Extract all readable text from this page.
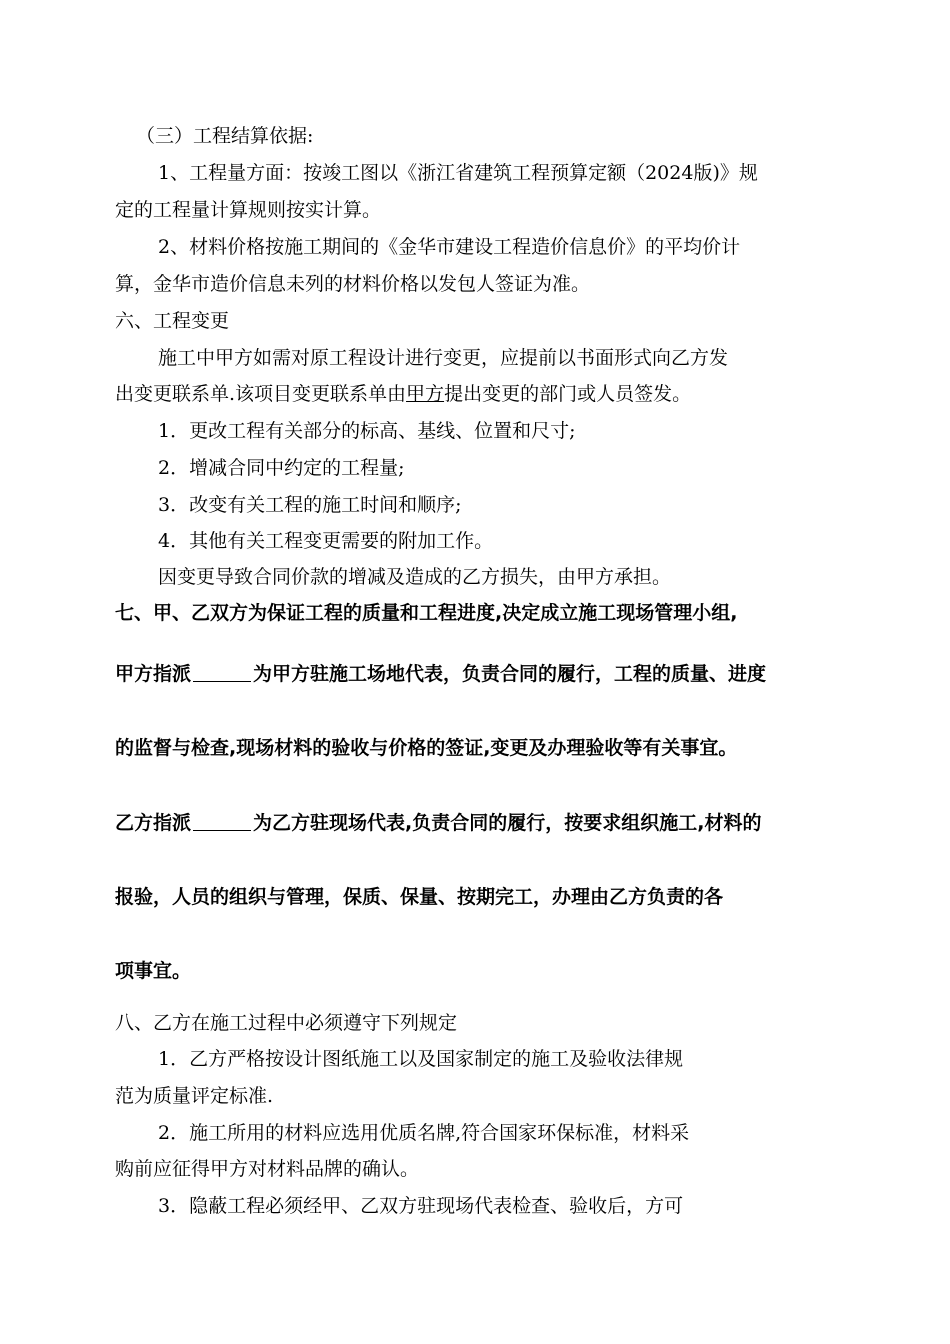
（三）工程结算依据:
1、工程量方面：按竣工图以《浙江省建筑工程预算定额（2024版)》规
定的工程量计算规则按实计算。
2、材料价格按施工期间的《金华市建设工程造价信息价》的平均价计
算，金华市造价信息未列的材料价格以发包人签证为准。
六、工程变更
施工中甲方如需对原工程设计进行变更，应提前以书面形式向乙方发
出变更联系单.该项目变更联系单由甲方提出变更的部门或人员签发。
1．更改工程有关部分的标高、基线、位置和尺寸;
2．增减合同中约定的工程量;
3．改变有关工程的施工时间和顺序;
4．其他有关工程变更需要的附加工作。
因变更导致合同价款的增减及造成的乙方损失，由甲方承担。
七、甲、乙双方为保证工程的质量和工程进度,决定成立施工现场管理小组,
甲方指派	为甲方驻施工场地代表，负责合同的履行，工程的质量、进度
的监督与检查,现场材料的验收与价格的签证,变更及办理验收等有关事宜。
乙方指派	为乙方驻现场代表,负责合同的履行，按要求组织施工,材料的
报验，人员的组织与管理，保质、保量、按期完工，办理由乙方负责的各
项事宜。
八、乙方在施工过程中必须遵守下列规定
1．乙方严格按设计图纸施工以及国家制定的施工及验收法律规
范为质量评定标准.
2．施工所用的材料应选用优质名牌,符合国家环保标准，材料采
购前应征得甲方对材料品牌的确认。
3．隐蔽工程必须经甲、乙双方驻现场代表检查、验收后，方可
